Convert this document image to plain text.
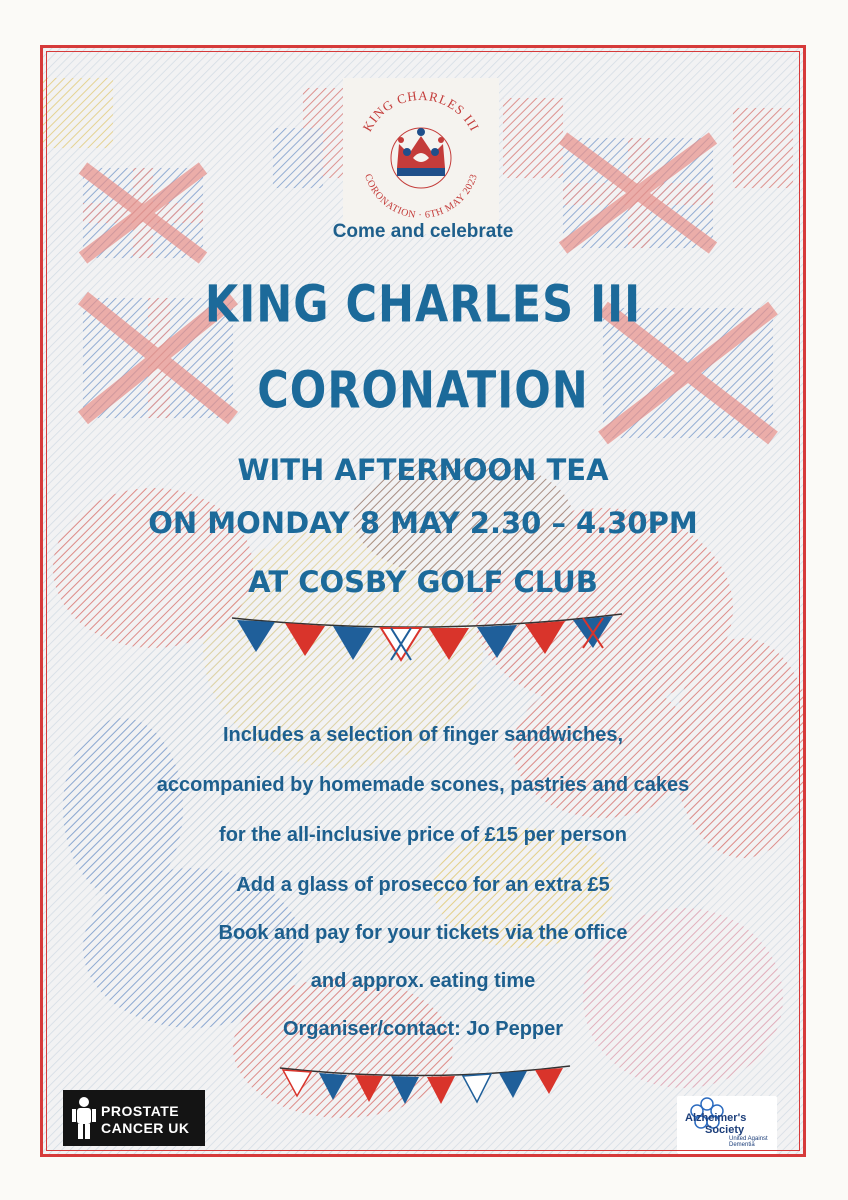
KING CHARLES III
CORONATION · 6TH MAY 2023
Come and celebrate
KING CHARLES III
CORONATION
WITH AFTERNOON TEA
ON MONDAY 8 MAY 2.30 – 4.30PM
AT COSBY GOLF CLUB
Includes a selection of finger sandwiches,
accompanied by homemade scones, pastries and cakes
for the all-inclusive price of £15 per person
Add a glass of prosecco for an extra £5
Book and pay for your tickets via the office
and approx. eating time
Organiser/contact: Jo Pepper
PROSTATE
CANCER UK
Alzheimer's
Society
United Against Dementia
